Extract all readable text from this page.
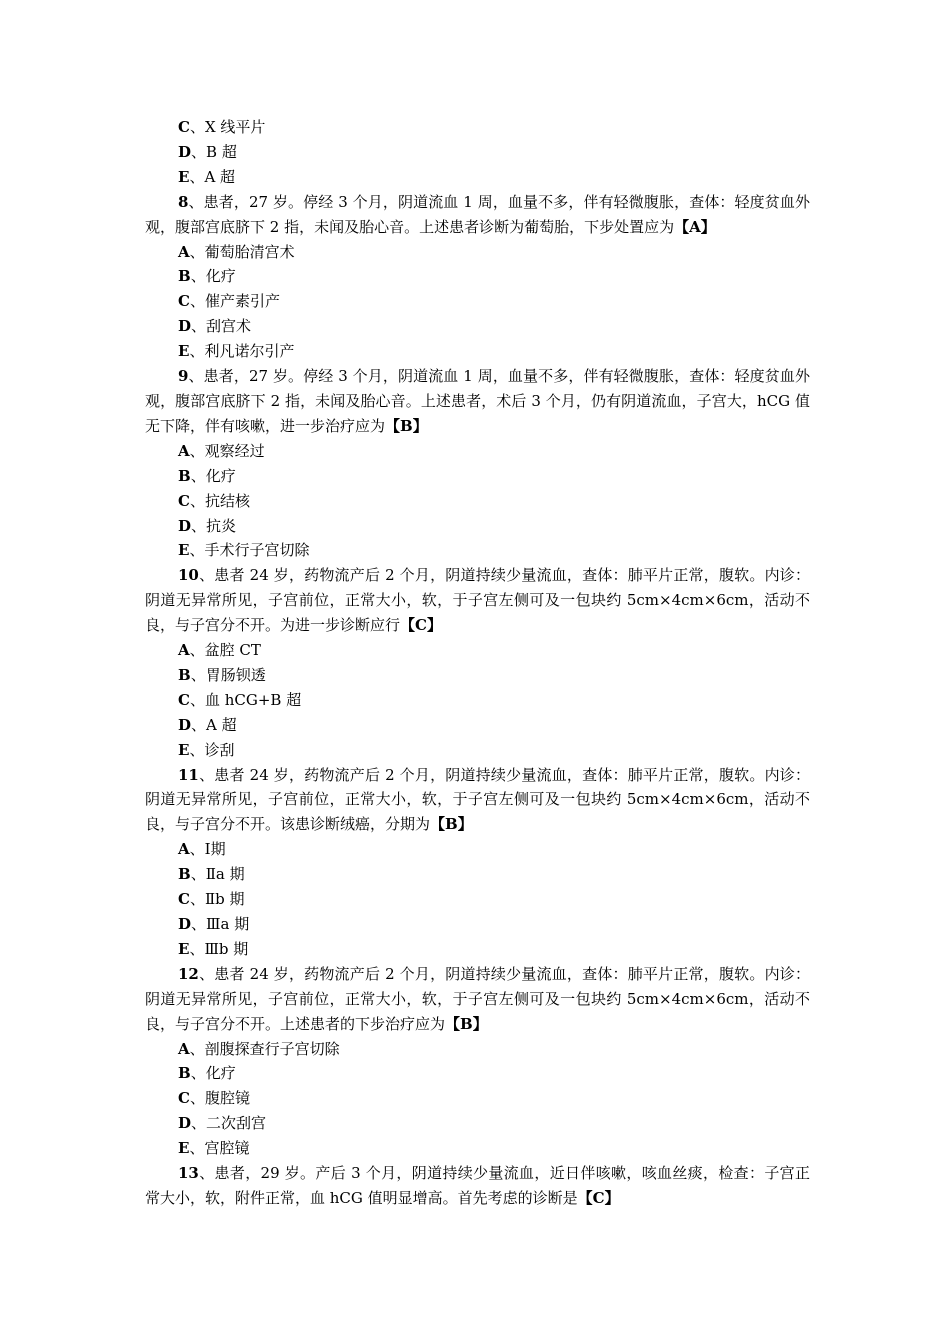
C、X 线平片
D、B 超
E、A 超

8、患者，27 岁。停经 3 个月，阴道流血 1 周，血量不多，伴有轻微腹胀，查体：轻度贫血外观，腹部宫底脐下 2 指，未闻及胎心音。上述患者诊断为葡萄胎，下步处置应为【A】

A、葡萄胎清宫术
B、化疗
C、催产素引产
D、刮宫术
E、利凡诺尔引产

9、患者，27 岁。停经 3 个月，阴道流血 1 周，血量不多，伴有轻微腹胀，查体：轻度贫血外观，腹部宫底脐下 2 指，未闻及胎心音。上述患者，术后 3 个月，仍有阴道流血，子宫大，hCG 值无下降，伴有咳嗽，进一步治疗应为【B】

A、观察经过
B、化疗
C、抗结核
D、抗炎
E、手术行子宫切除

10、患者 24 岁，药物流产后 2 个月，阴道持续少量流血，查体：肺平片正常，腹软。内诊：阴道无异常所见，子宫前位，正常大小，软，于子宫左侧可及一包块约 5cm×4cm×6cm，活动不良，与子宫分不开。为进一步诊断应行【C】

A、盆腔 CT
B、胃肠钡透
C、血 hCG+B 超
D、A 超
E、诊刮

11、患者 24 岁，药物流产后 2 个月，阴道持续少量流血，查体：肺平片正常，腹软。内诊：阴道无异常所见，子宫前位，正常大小，软，于子宫左侧可及一包块约 5cm×4cm×6cm，活动不良，与子宫分不开。该患诊断绒癌，分期为【B】

A、Ⅰ期
B、Ⅱa 期
C、Ⅱb 期
D、Ⅲa 期
E、Ⅲb 期

12、患者 24 岁，药物流产后 2 个月，阴道持续少量流血，查体：肺平片正常，腹软。内诊：阴道无异常所见，子宫前位，正常大小，软，于子宫左侧可及一包块约 5cm×4cm×6cm，活动不良，与子宫分不开。上述患者的下步治疗应为【B】

A、剖腹探查行子宫切除
B、化疗
C、腹腔镜
D、二次刮宫
E、宫腔镜

13、患者，29 岁。产后 3 个月，阴道持续少量流血，近日伴咳嗽，咳血丝痰，检查：子宫正常大小，软，附件正常，血 hCG 值明显增高。首先考虑的诊断是【C】
